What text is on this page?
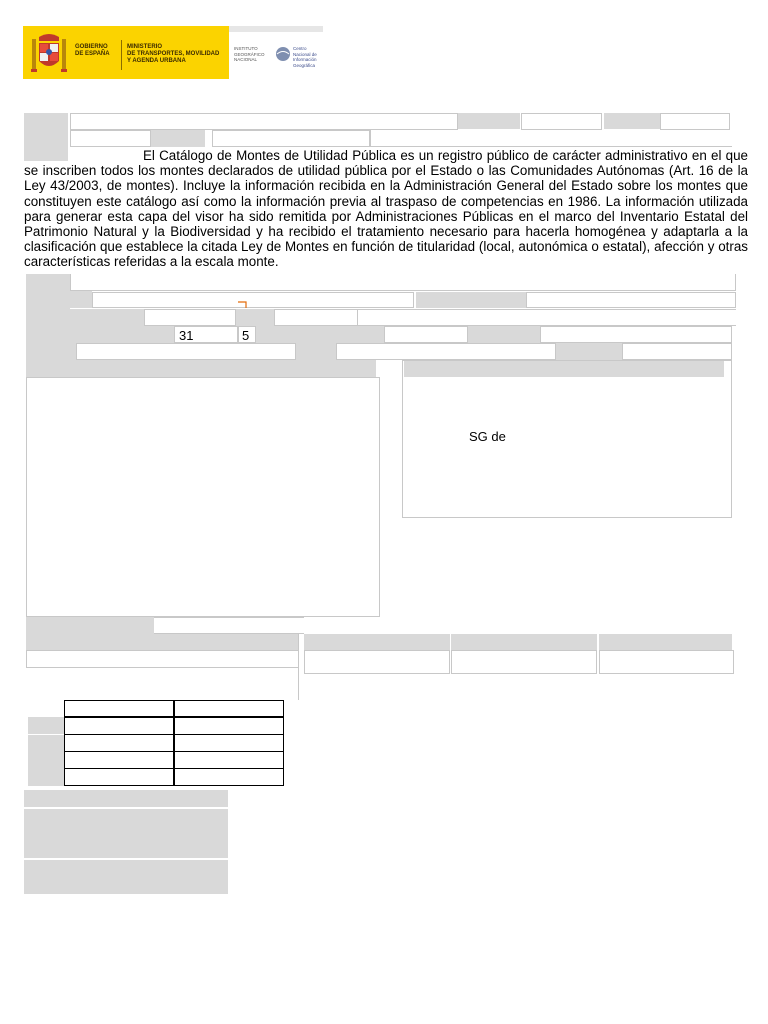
GOBIERNO
DE ESPAÑA
MINISTERIO
DE TRANSPORTES, MOVILIDAD
Y AGENDA URBANA
INSTITUTO
GEOGRÁFICO
NACIONAL
Centro
Nacional de
Información
Geográfica

El Catálogo de Montes de Utilidad Pública es un registro público de carácter administrativo en el que se inscriben todos los montes declarados de utilidad pública por el Estado o las Comunidades Autónomas (Art. 16 de la Ley 43/2003, de montes). Incluye la información recibida en la Administración General del Estado sobre los montes que constituyen este catálogo así como la información previa al traspaso de competencias en 1986. La información utilizada para generar esta capa del visor ha sido remitida por Administraciones Públicas en el marco del Inventario Estatal del Patrimonio Natural y la Biodiversidad y ha recibido el tratamiento necesario para hacerla homogénea y adaptarla a la clasificación que establece la citada Ley de Montes en función de titularidad (local, autonómica o estatal), afección y otras características referidas a la escala monte.

31	5
SG de
